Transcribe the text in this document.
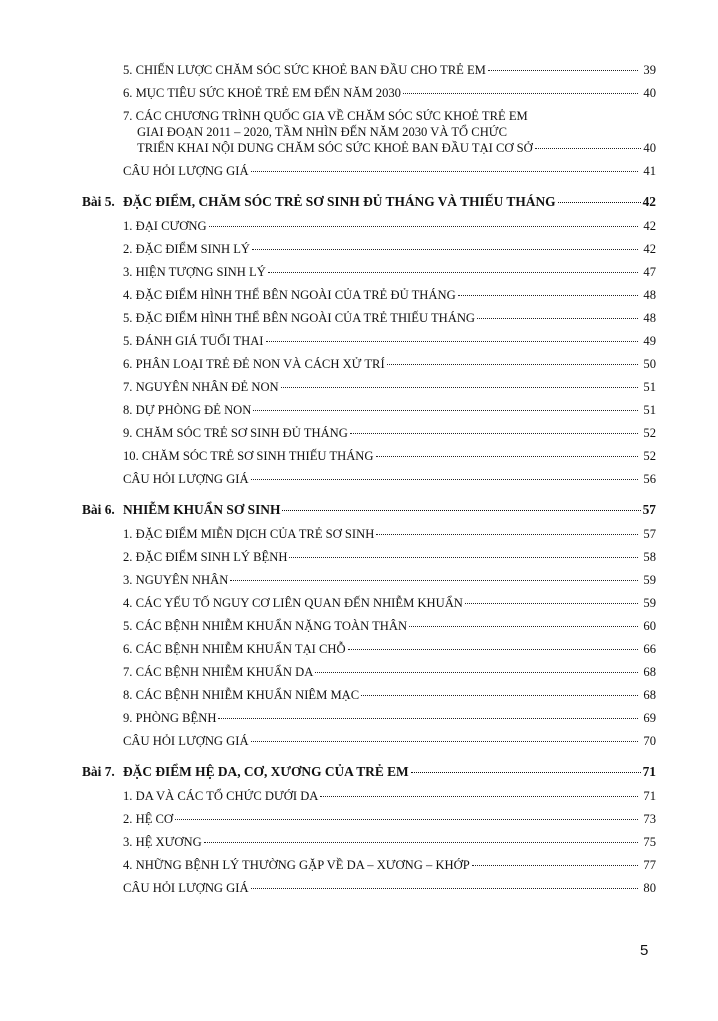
5. CHIẾN LƯỢC CHĂM SÓC SỨC KHOẺ BAN ĐẦU CHO TRẺ EM	39
6. MỤC TIÊU SỨC KHOẺ TRẺ EM ĐẾN NĂM 2030	40
7. CÁC CHƯƠNG TRÌNH QUỐC GIA VỀ CHĂM SÓC SỨC KHOẺ TRẺ EM
GIAI ĐOẠN 2011 – 2020, TẦM NHÌN ĐẾN NĂM 2030 VÀ TỔ CHỨC
TRIỂN KHAI NỘI DUNG CHĂM SÓC SỨC KHOẺ BAN ĐẦU TẠI CƠ SỞ	40
CÂU HỎI LƯỢNG GIÁ	41
Bài 5. ĐẶC ĐIỂM, CHĂM SÓC TRẺ SƠ SINH ĐỦ THÁNG VÀ THIẾU THÁNG	42
1. ĐẠI CƯƠNG	42
2. ĐẶC ĐIỂM SINH LÝ	42
3. HIỆN TƯỢNG SINH LÝ	47
4. ĐẶC ĐIỂM HÌNH THỂ BÊN NGOÀI CỦA TRẺ ĐỦ THÁNG	48
5. ĐẶC ĐIỂM HÌNH THỂ BÊN NGOÀI CỦA TRẺ THIẾU THÁNG	48
5. ĐÁNH GIÁ TUỔI THAI	49
6. PHÂN LOẠI TRẺ ĐẺ NON VÀ CÁCH XỬ TRÍ	50
7. NGUYÊN NHÂN ĐẺ NON	51
8. DỰ PHÒNG ĐẺ NON	51
9. CHĂM SÓC TRẺ SƠ SINH ĐỦ THÁNG	52
10. CHĂM SÓC TRẺ SƠ SINH THIẾU THÁNG	52
CÂU HỎI LƯỢNG GIÁ	56
Bài 6. NHIỄM KHUẨN SƠ SINH	57
1. ĐẶC ĐIỂM MIỄN DỊCH CỦA TRẺ SƠ SINH	57
2. ĐẶC ĐIỂM SINH LÝ BỆNH	58
3. NGUYÊN NHÂN	59
4. CÁC YẾU TỐ NGUY CƠ LIÊN QUAN ĐẾN NHIỄM KHUẨN	59
5. CÁC BỆNH NHIỄM KHUẨN NẶNG TOÀN THÂN	60
6. CÁC BỆNH NHIỄM KHUẨN TẠI CHỖ	66
7. CÁC BỆNH NHIỄM KHUẨN DA	68
8. CÁC BỆNH NHIỄM KHUẨN NIÊM MẠC	68
9. PHÒNG BỆNH	69
CÂU HỎI LƯỢNG GIÁ	70
Bài 7. ĐẶC ĐIỂM HỆ DA, CƠ, XƯƠNG CỦA TRẺ EM	71
1. DA VÀ CÁC TỔ CHỨC DƯỚI DA	71
2. HỆ CƠ	73
3. HỆ XƯƠNG	75
4. NHỮNG BỆNH LÝ THƯỜNG GẶP VỀ DA – XƯƠNG – KHỚP	77
CÂU HỎI LƯỢNG GIÁ	80
5
